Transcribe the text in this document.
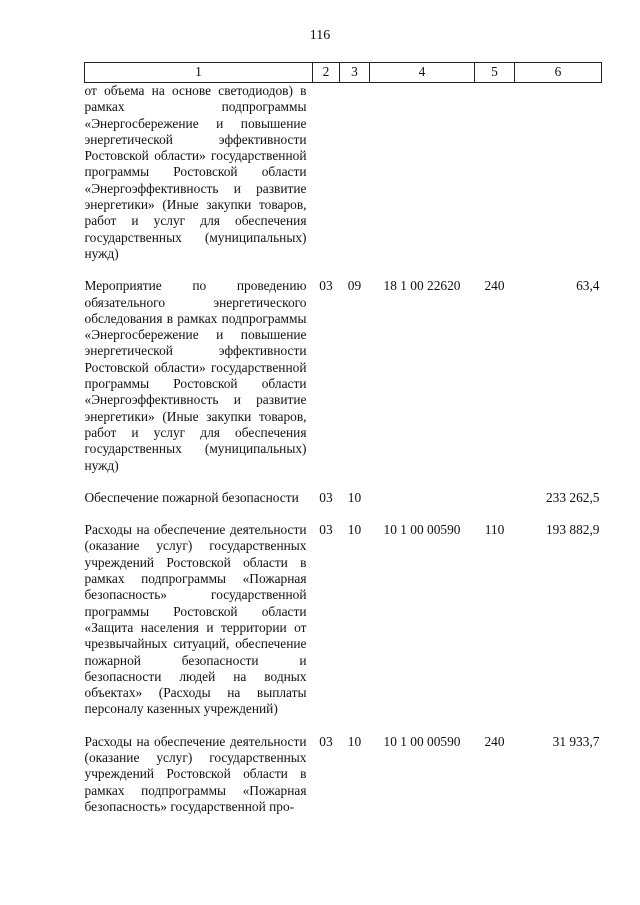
116
1	2	3	4	5	6
от объема на основе светодиодов) в рамках подпрограммы «Энергосбережение и повышение энергетической эффективности Ростовской области» государственной программы Ростовской области «Энергоэффективность и развитие энергетики» (Иные закупки товаров, работ и услуг для обеспечения государственных (муниципальных) нужд)					
Мероприятие по проведению обязательного энергетического обследования в рамках подпрограммы «Энергосбережение и повышение энергетической эффективности Ростовской области» государственной программы Ростовской области «Энергоэффективность и развитие энергетики» (Иные закупки товаров, работ и услуг для обеспечения государственных (муниципальных) нужд)	03	09	18 1 00 22620	240	63,4
Обеспечение пожарной безопасности	03	10			233 262,5
Расходы на обеспечение деятельности (оказание услуг) государственных учреждений Ростовской области в рамках подпрограммы «Пожарная безопасность» государственной программы Ростовской области «Защита населения и территории от чрезвычайных ситуаций, обеспечение пожарной безопасности и безопасности людей на водных объектах» (Расходы на выплаты персоналу казенных учреждений)	03	10	10 1 00 00590	110	193 882,9
Расходы на обеспечение деятельности (оказание услуг) государственных учреждений Ростовской области в рамках подпрограммы «Пожарная безопасность» государственной про-	03	10	10 1 00 00590	240	31 933,7
